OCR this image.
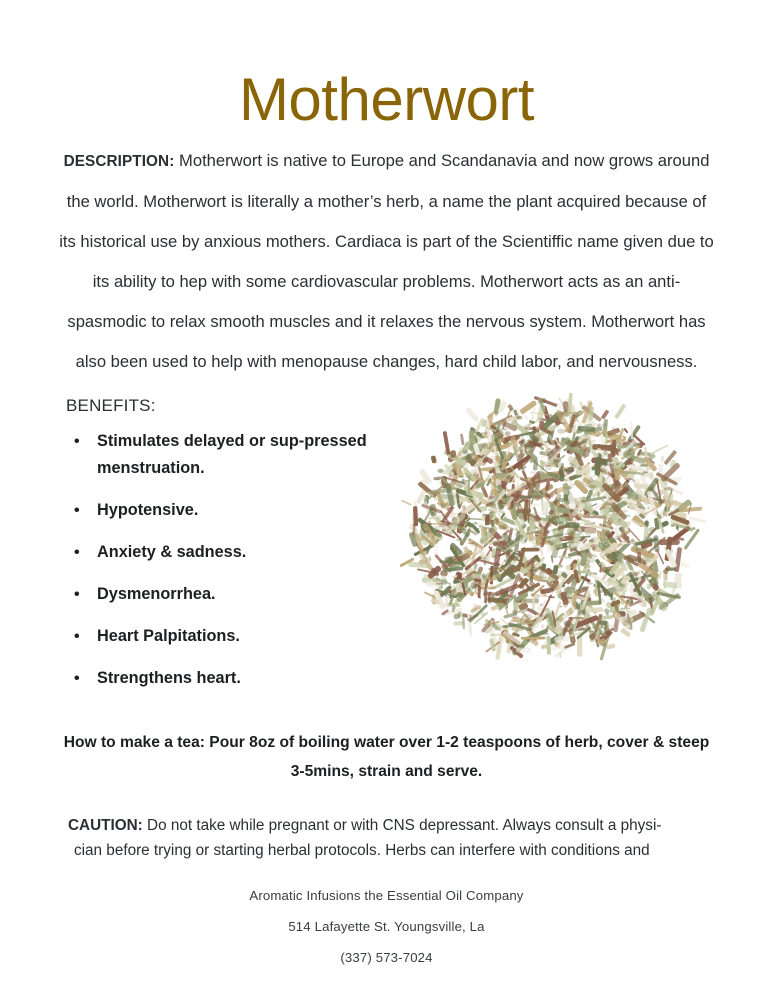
Motherwort

DESCRIPTION: Motherwort is native to Europe and Scandanavia and now grows around the world. Motherwort is literally a mother’s herb, a name the plant acquired because of its historical use by anxious mothers. Cardiaca is part of the Scientiffic name given due to its ability to hep with some cardiovascular problems. Motherwort acts as an anti-spasmodic to relax smooth muscles and it relaxes the nervous system. Motherwort has also been used to help with menopause changes, hard child labor, and nervousness.

BENEFITS:
• Stimulates delayed or sup-pressed menstruation.
• Hypotensive.
• Anxiety & sadness.
• Dysmenorrhea.
• Heart Palpitations.
• Strengthens heart.

How to make a tea: Pour 8oz of boiling water over 1-2 teaspoons of herb, cover & steep 3-5mins, strain and serve.

CAUTION: Do not take while pregnant or with CNS depressant. Always consult a physi-
cian before trying or starting herbal protocols. Herbs can interfere with conditions and

Aromatic Infusions the Essential Oil Company
514 Lafayette St. Youngsville, La
(337) 573-7024
